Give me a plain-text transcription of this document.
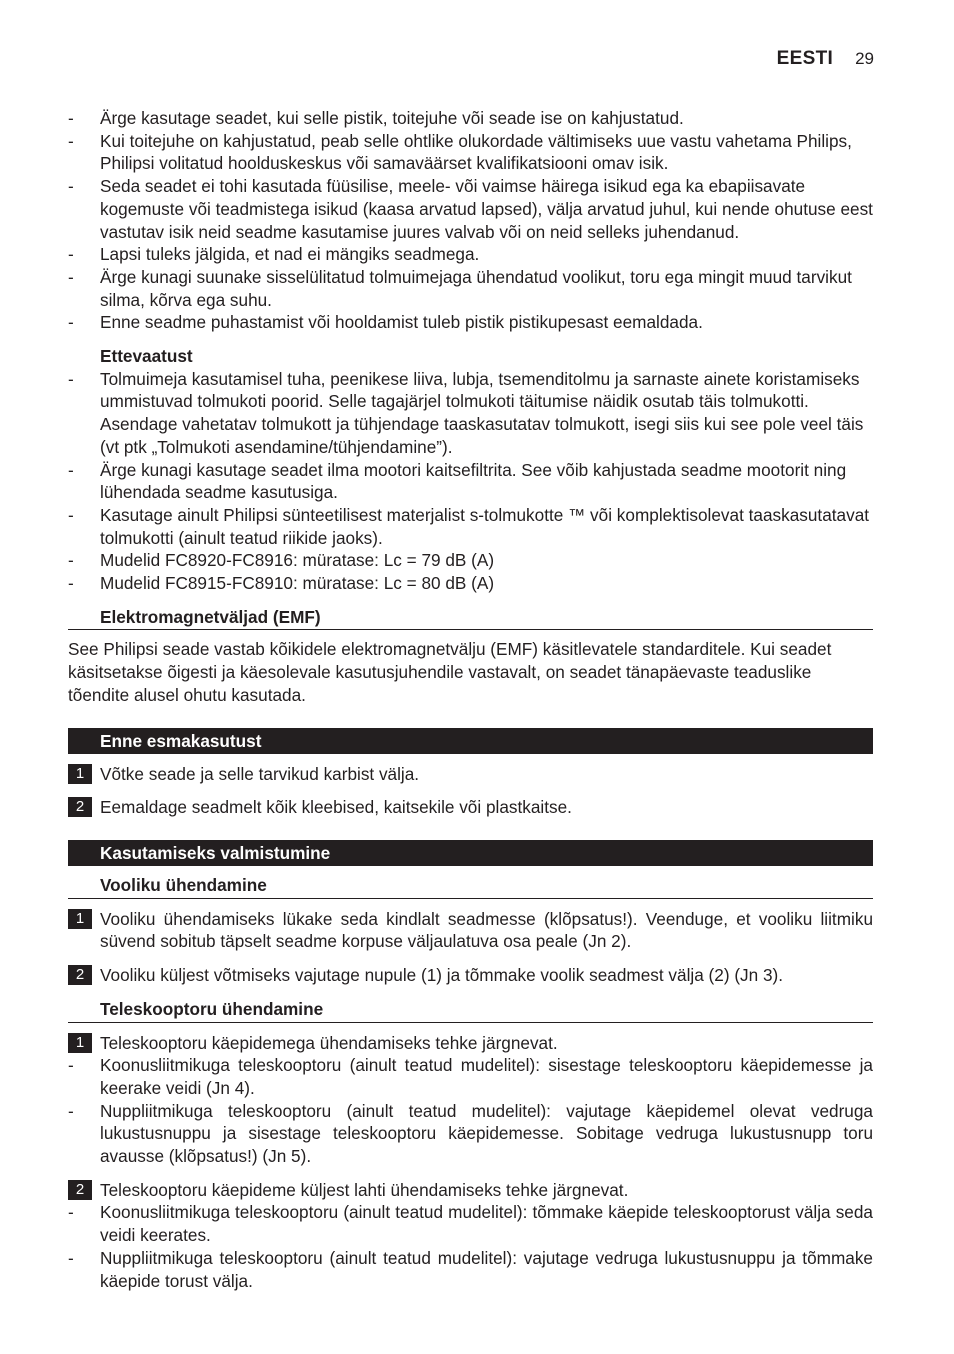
EESTI 29
- Ärge kasutage seadet, kui selle pistik, toitejuhe või seade ise on kahjustatud.
- Kui toitejuhe on kahjustatud, peab selle ohtlike olukordade vältimiseks uue vastu vahetama Philips, Philipsi volitatud hoolduskeskus või samaväärset kvalifikatsiooni omav isik.
- Seda seadet ei tohi kasutada füüsilise, meele- või vaimse häirega isikud ega ka ebapiisavate kogemuste või teadmistega isikud (kaasa arvatud lapsed), välja arvatud juhul, kui nende ohutuse eest vastutav isik neid seadme kasutamise juures valvab või on neid selleks juhendanud.
- Lapsi tuleks jälgida, et nad ei mängiks seadmega.
- Ärge kunagi suunake sisselülitatud tolmuimejaga ühendatud voolikut, toru ega mingit muud tarvikut silma, kõrva ega suhu.
- Enne seadme puhastamist või hooldamist tuleb pistik pistikupesast eemaldada.
Ettevaatust
- Tolmuimeja kasutamisel tuha, peenikese liiva, lubja, tsemenditolmu ja sarnaste ainete koristamiseks ummistuvad tolmukoti poorid. Selle tagajärjel tolmukoti täitumise näidik osutab täis tolmukotti. Asendage vahetatav tolmukott ja tühjendage taaskasutatav tolmukott, isegi siis kui see pole veel täis (vt ptk „Tolmukoti asendamine/tühjendamine”).
- Ärge kunagi kasutage seadet ilma mootori kaitsefiltrita. See võib kahjustada seadme mootorit ning lühendada seadme kasutusiga.
- Kasutage ainult Philipsi sünteetilisest materjalist s-tolmukotte ™ või komplektisolevat taaskasutatavat tolmukotti (ainult teatud riikide jaoks).
- Mudelid FC8920-FC8916: müratase: Lc = 79 dB (A)
- Mudelid FC8915-FC8910: müratase: Lc = 80 dB (A)
Elektromagnetväljad (EMF)
See Philipsi seade vastab kõikidele elektromagnetvälju (EMF) käsitlevatele standarditele. Kui seadet käsitsetakse õigesti ja käesolevale kasutusjuhendile vastavalt, on seadet tänapäevaste teaduslike tõendite alusel ohutu kasutada.
Enne esmakasutust
1 Võtke seade ja selle tarvikud karbist välja.
2 Eemaldage seadmelt kõik kleebised, kaitsekile või plastkaitse.
Kasutamiseks valmistumine
Vooliku ühendamine
1 Vooliku ühendamiseks lükake seda kindlalt seadmesse (klõpsatus!). Veenduge, et vooliku liitmiku süvend sobitub täpselt seadme korpuse väljaulatuva osa peale (Jn 2).
2 Vooliku küljest võtmiseks vajutage nupule (1) ja tõmmake voolik seadmest välja (2) (Jn 3).
Teleskooptoru ühendamine
1 Teleskooptoru käepidemega ühendamiseks tehke järgnevat.
- Koonusliitmikuga teleskooptoru (ainult teatud mudelitel): sisestage teleskooptoru käepidemesse ja keerake veidi (Jn 4).
- Nuppliitmikuga teleskooptoru (ainult teatud mudelitel): vajutage käepidemel olevat vedruga lukustusnuppu ja sisestage teleskooptoru käepidemesse. Sobitage vedruga lukustusnupp toru avausse (klõpsatus!) (Jn 5).
2 Teleskooptoru käepideme küljest lahti ühendamiseks tehke järgnevat.
- Koonusliitmikuga teleskooptoru (ainult teatud mudelitel): tõmmake käepide teleskooptorust välja seda veidi keerates.
- Nuppliitmikuga teleskooptoru (ainult teatud mudelitel): vajutage vedruga lukustusnuppu ja tõmmake käepide torust välja.
